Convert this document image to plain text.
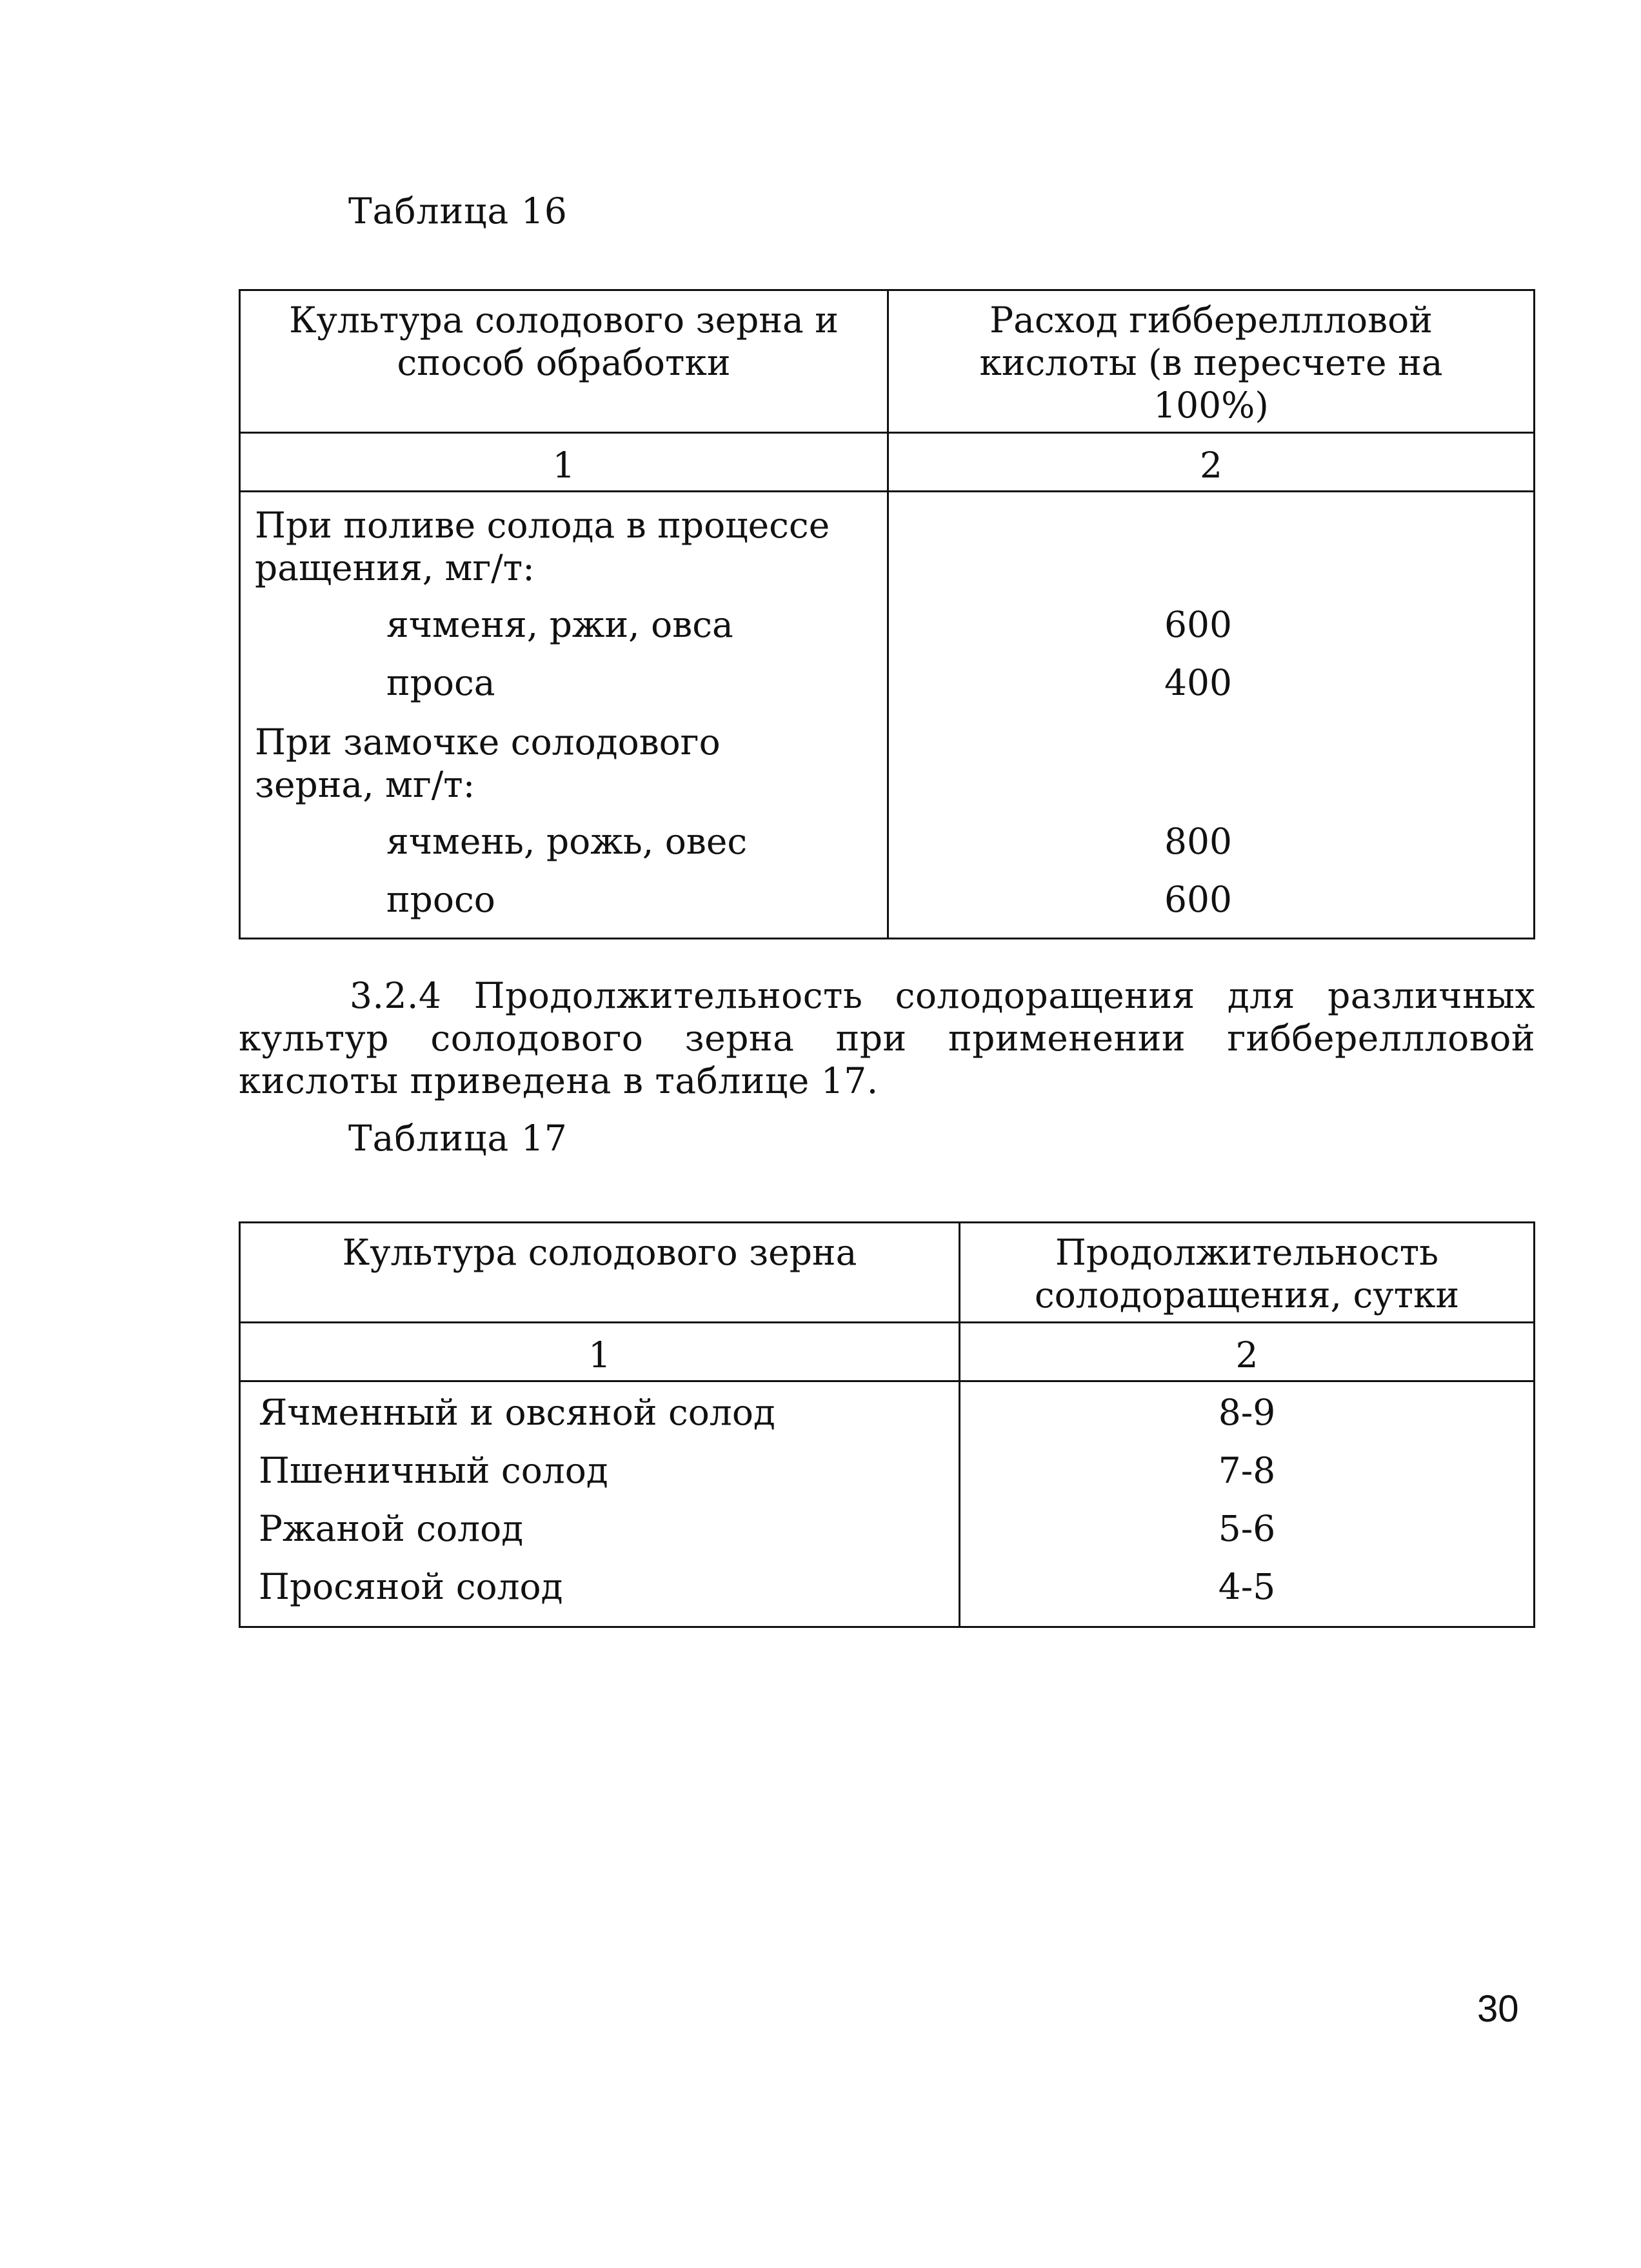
Таблица 16
Культура солодового зерна и способ обработки	Расход гиббереллловой кислоты (в пересчете на 100%)

1	2

При поливе солода в процессе ращения, мг/т:	

ячменя, ржи, овса	600

проса	400

При замочке солодового зерна, мг/т:	

ячмень, рожь, овес	800

просо	600
3.2.4 Продолжительность солодоращения для различных культур солодового зерна при применении гиббереллловой кислоты приведена в таблице 17.
Таблица 17
Культура солодового зерна	Продолжительность солодоращения, сутки

1	2

Ячменный и овсяной солод	8-9

Пшеничный солод	7-8

Ржаной солод	5-6

Просяной солод	4-5
30
